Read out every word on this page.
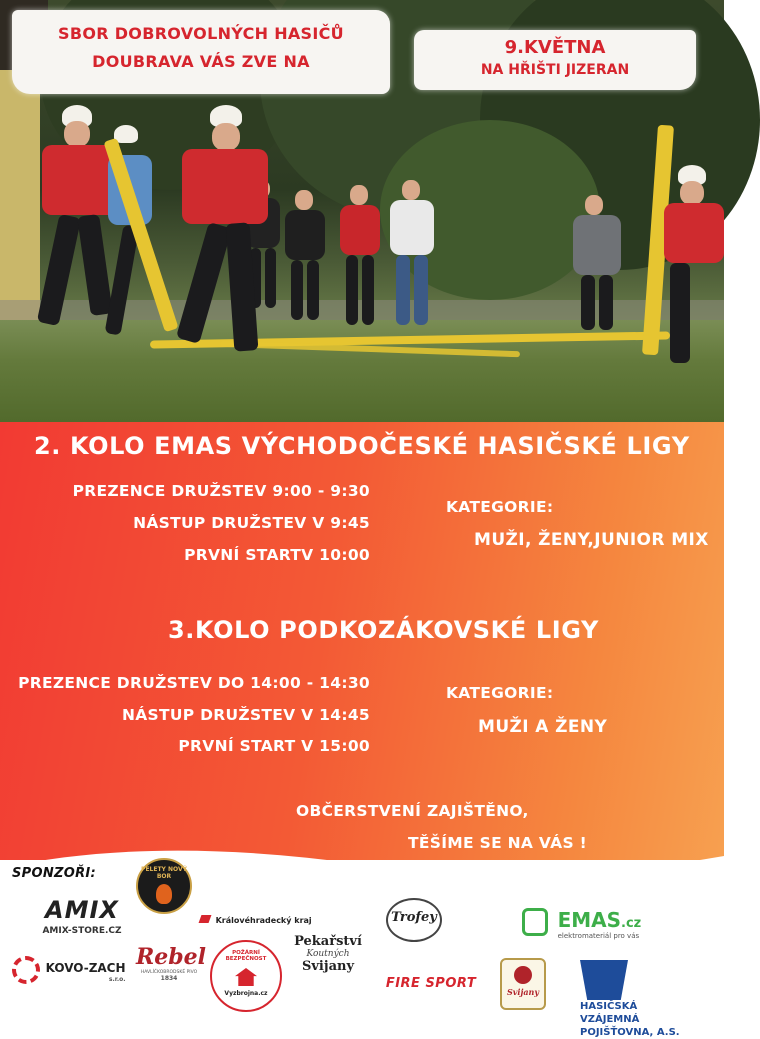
SBOR DOBROVOLNÝCH HASIČŮ
DOUBRAVA VÁS ZVE NA
9.KVĚTNA
NA HŘIŠTI JIZERAN
2. KOLO EMAS VÝCHODOČESKÉ HASIČSKÉ LIGY
PREZENCE DRUŽSTEV 9:00 - 9:30
NÁSTUP DRUŽSTEV V 9:45
PRVNÍ STARTV 10:00
KATEGORIE:
MUŽI, ŽENY,JUNIOR MIX
3.KOLO PODKOZÁKOVSKÉ LIGY
PREZENCE DRUŽSTEV DO 14:00 - 14:30
NÁSTUP DRUŽSTEV V 14:45
PRVNÍ START V 15:00
KATEGORIE:
MUŽI A ŽENY
OBČERSTVENÍ ZAJIŠTĚNO,
TĚŠÍME SE NA VÁS !
SPONZOŘI:
AMIX
AMIX-STORE.CZ
PELETY NOVÝ BOR
Královéhradecký kraj	Trofey	EMAS.cz
elektromateriál pro vás
KOVO-ZACH
s.r.o.
Rebel
HAVLÍČKOBRODSKÉ PIVO
1834
POŽÁRNÍ BEZPEČNOST
Vyzbrojna.cz
Pekařství
Koutných
Svijany
FIRE SPORT
Svijany

HASIČSKÁ
VZÁJEMNÁ
POJIŠŤOVNA, A.S.
